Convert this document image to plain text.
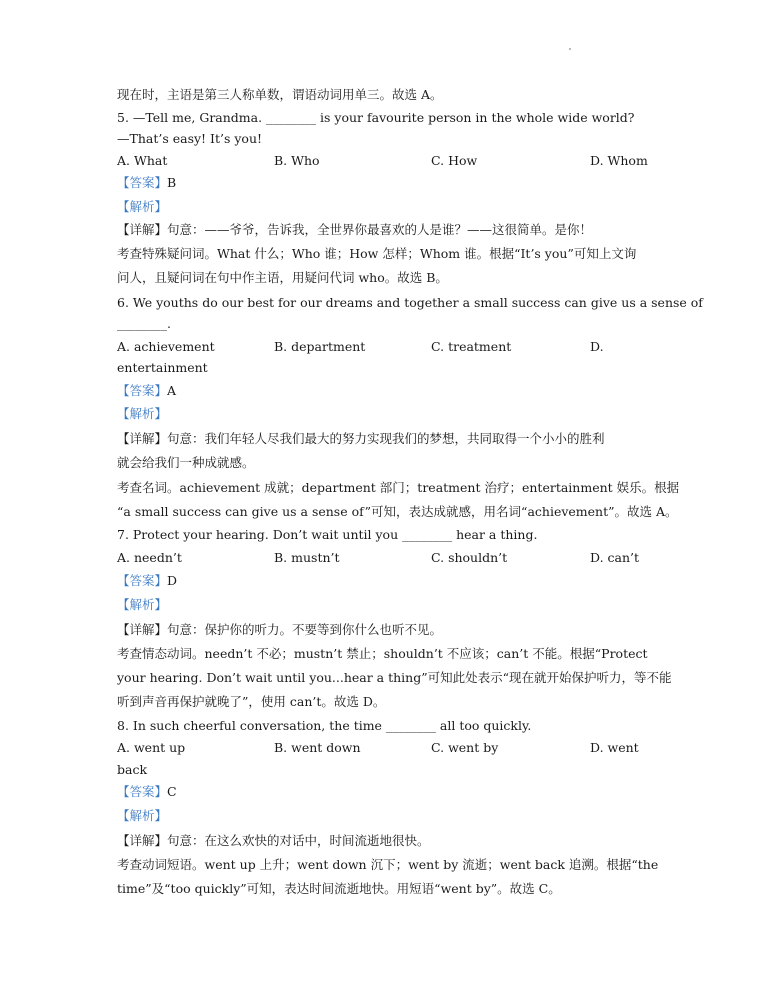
现在时，主语是第三人称单数，谓语动词用单三。故选 A。
5. —Tell me, Grandma. ________ is your favourite person in the whole wide world?
—That’s easy! It’s you!
A. What	B. Who	C. How	D. Whom
【答案】B
【解析】
【详解】句意：——爷爷，告诉我，全世界你最喜欢的人是谁？——这很简单。是你！
考查特殊疑问词。What 什么；Who 谁；How 怎样；Whom 谁。根据“It’s you”可知上文询
问人，且疑问词在句中作主语，用疑问代词 who。故选 B。
6. We youths do our best for our dreams and together a small success can give us a sense of
________.
A. achievement	B. department	C. treatment	D.
entertainment
【答案】A
【解析】
【详解】句意：我们年轻人尽我们最大的努力实现我们的梦想，共同取得一个小小的胜利
就会给我们一种成就感。
考查名词。achievement 成就；department 部门；treatment 治疗；entertainment 娱乐。根据
“a small success can give us a sense of”可知，表达成就感，用名词“achievement”。故选 A。
7. Protect your hearing. Don’t wait until you ________ hear a thing.
A. needn’t	B. mustn’t	C. shouldn’t	D. can’t
【答案】D
【解析】
【详解】句意：保护你的听力。不要等到你什么也听不见。
考查情态动词。needn’t 不必；mustn’t 禁止；shouldn’t 不应该；can’t 不能。根据“Protect
your hearing. Don’t wait until you...hear a thing”可知此处表示“现在就开始保护听力，等不能
听到声音再保护就晚了”，使用 can’t。故选 D。
8. In such cheerful conversation, the time ________ all too quickly.
A. went up	B. went down	C. went by	D. went
back
【答案】C
【解析】
【详解】句意：在这么欢快的对话中，时间流逝地很快。
考查动词短语。went up 上升；went down 沉下；went by 流逝；went back 追溯。根据“the
time”及“too quickly”可知，表达时间流逝地快。用短语“went by”。故选 C。
